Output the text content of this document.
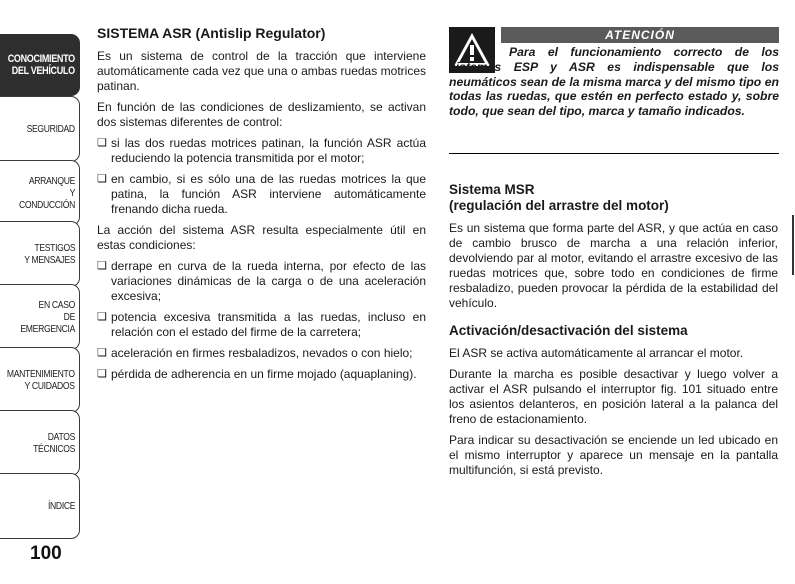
CONOCIMIENTO
DEL VEHÍCULO
SEGURIDAD
ARRANQUE
Y CONDUCCIÓN
TESTIGOS
Y MENSAJES
EN CASO
DE EMERGENCIA
MANTENIMIENTO
Y CUIDADOS
DATOS TÉCNICOS
ÍNDICE
100
SISTEMA ASR (Antislip Regulator)

Es un sistema de control de la tracción que interviene automáticamente cada vez que una o ambas ruedas motrices patinan.

En función de las condiciones de deslizamiento, se activan dos sistemas diferentes de control:

❏ si las dos ruedas motrices patinan, la función ASR actúa reduciendo la potencia transmitida por el motor;
❏ en cambio, si es sólo una de las ruedas motrices la que patina, la función ASR interviene automáticamente frenando dicha rueda.

La acción del sistema ASR resulta especialmente útil en estas condiciones:

❏ derrape en curva de la rueda interna, por efecto de las variaciones dinámicas de la carga o de una aceleración excesiva;
❏ potencia excesiva transmitida a las ruedas, incluso en relación con el estado del firme de la carretera;
❏ aceleración en firmes resbaladizos, nevados o con hielo;
❏ pérdida de adherencia en un firme mojado (aquaplaning).
ATENCIÓN
Para el funcionamiento correcto de los sistemas ESP y ASR es indispensable que los neumáticos sean de la misma marca y del mismo tipo en todas las ruedas, que estén en perfecto estado y, sobre todo, que sean del tipo, marca y tamaño indicados.
Sistema MSR
(regulación del arrastre del motor)

Es un sistema que forma parte del ASR, y que actúa en caso de cambio brusco de marcha a una relación inferior, devolviendo par al motor, evitando el arrastre excesivo de las ruedas motrices que, sobre todo en condiciones de firme resbaladizo, pueden provocar la pérdida de la estabilidad del vehículo.

Activación/desactivación del sistema

El ASR se activa automáticamente al arrancar el motor.

Durante la marcha es posible desactivar y luego volver a activar el ASR pulsando el interruptor fig. 101 situado entre los asientos delanteros, en posición lateral a la palanca del freno de estacionamiento.

Para indicar su desactivación se enciende un led ubicado en el mismo interruptor y aparece un mensaje en la pantalla multifunción, si está previsto.
